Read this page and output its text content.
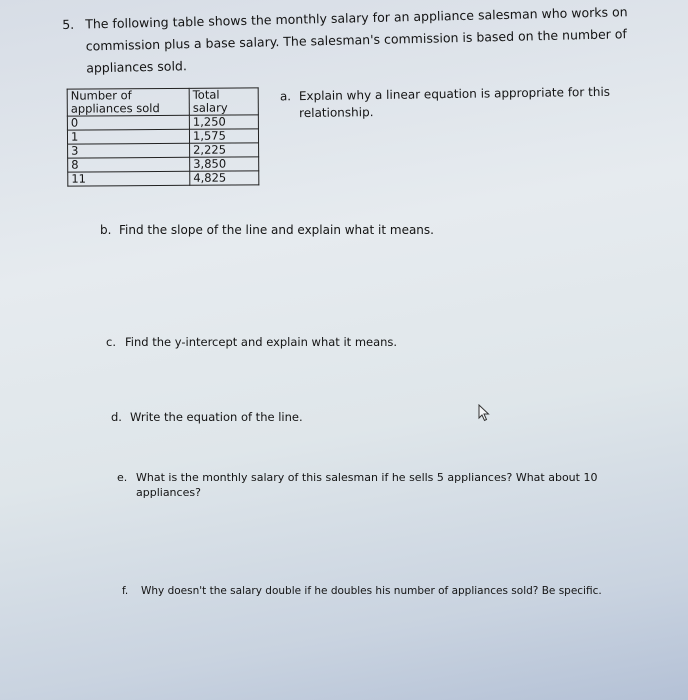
5. The following table shows the monthly salary for an appliance salesman who works on commission plus a base salary. The salesman's commission is based on the number of appliances sold.
Number of appliances sold	Total salary
0	1,250
1	1,575
3	2,225
8	3,850
11	4,825
a. Explain why a linear equation is appropriate for this relationship.
b. Find the slope of the line and explain what it means.
c. Find the y-intercept and explain what it means.
d. Write the equation of the line.
e. What is the monthly salary of this salesman if he sells 5 appliances? What about 10 appliances?
f. Why doesn't the salary double if he doubles his number of appliances sold? Be specific.
